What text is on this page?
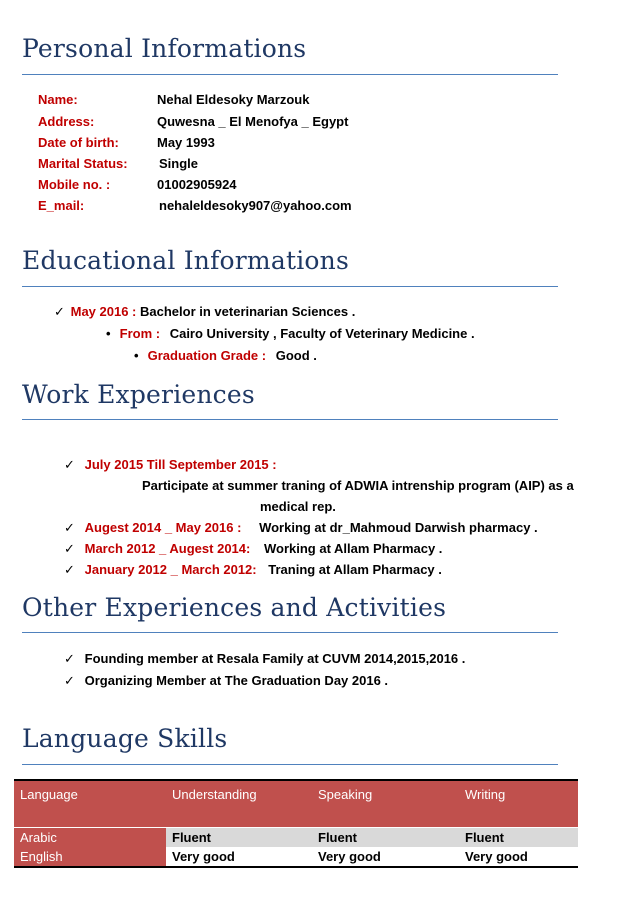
Personal Informations
Name:	Nehal Eldesoky Marzouk
Address:	Quwesna _ El Menofya _ Egypt
Date of birth:	May 1993
Marital Status: Single
Mobile no. :	01002905924
E_mail:	nehaleldesoky907@yahoo.com
Educational Informations
✓ May 2016 : Bachelor in veterinarian Sciences .
• From : Cairo University , Faculty of Veterinary Medicine .
• Graduation Grade : Good .
Work Experiences
✓ July 2015 Till September 2015 :
Participate at summer traning of ADWIA intrenship program (AIP) as a
medical rep.
✓ Augest 2014 _ May 2016 : Working at dr_Mahmoud Darwish pharmacy .
✓ March 2012 _ Augest 2014: Working at Allam Pharmacy .
✓ January 2012 _ March 2012: Traning at Allam Pharmacy .
Other Experiences and Activities
✓ Founding member at Resala Family at CUVM 2014,2015,2016 .
✓ Organizing Member at The Graduation Day 2016 .
Language Skills
Language	Understanding	Speaking	Writing
Arabic	Fluent	Fluent	Fluent
English	Very good	Very good	Very good
